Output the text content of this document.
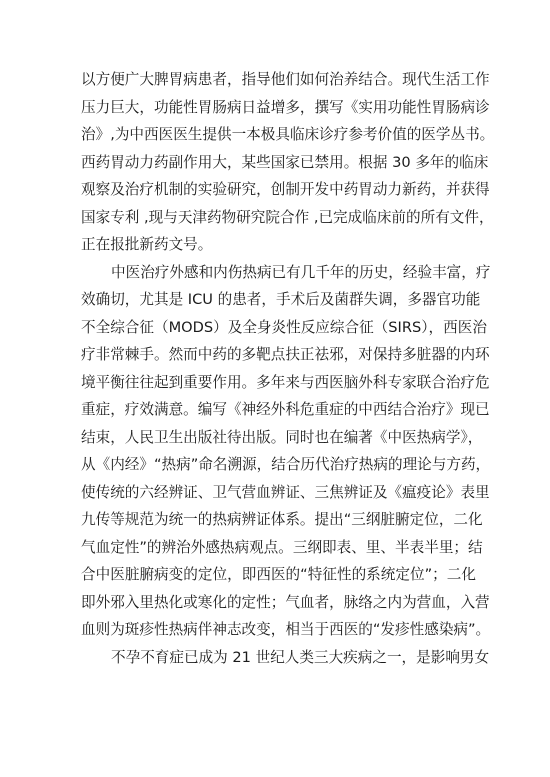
以方便广大脾胃病患者，指导他们如何治养结合。现代生活工作
压力巨大，功能性胃肠病日益增多，撰写《实用功能性胃肠病诊
治》,为中西医医生提供一本极具临床诊疗参考价值的医学丛书。
西药胃动力药副作用大，某些国家已禁用。根据 30 多年的临床
观察及治疗机制的实验研究，创制开发中药胃动力新药，并获得
国家专利 ,现与天津药物研究院合作 ,已完成临床前的所有文件，
正在报批新药文号。
中医治疗外感和内伤热病已有几千年的历史，经验丰富，疗
效确切，尤其是 ICU 的患者，手术后及菌群失调，多器官功能
不全综合征（MODS）及全身炎性反应综合征（SIRS），西医治
疗非常棘手。然而中药的多靶点扶正祛邪，对保持多脏器的内环
境平衡往往起到重要作用。多年来与西医脑外科专家联合治疗危
重症，疗效满意。编写《神经外科危重症的中西结合治疗》现已
结束，人民卫生出版社待出版。同时也在编著《中医热病学》，
从《内经》“热病”命名溯源，结合历代治疗热病的理论与方药，
使传统的六经辨证、卫气营血辨证、三焦辨证及《瘟疫论》表里
九传等规范为统一的热病辨证体系。提出“三纲脏腑定位，二化
气血定性”的辨治外感热病观点。三纲即表、里、半表半里；结
合中医脏腑病变的定位，即西医的“特征性的系统定位”；二化
即外邪入里热化或寒化的定性；气血者，脉络之内为营血，入营
血则为斑疹性热病伴神志改变，相当于西医的“发疹性感染病”。
不孕不育症已成为 21 世纪人类三大疾病之一，是影响男女
